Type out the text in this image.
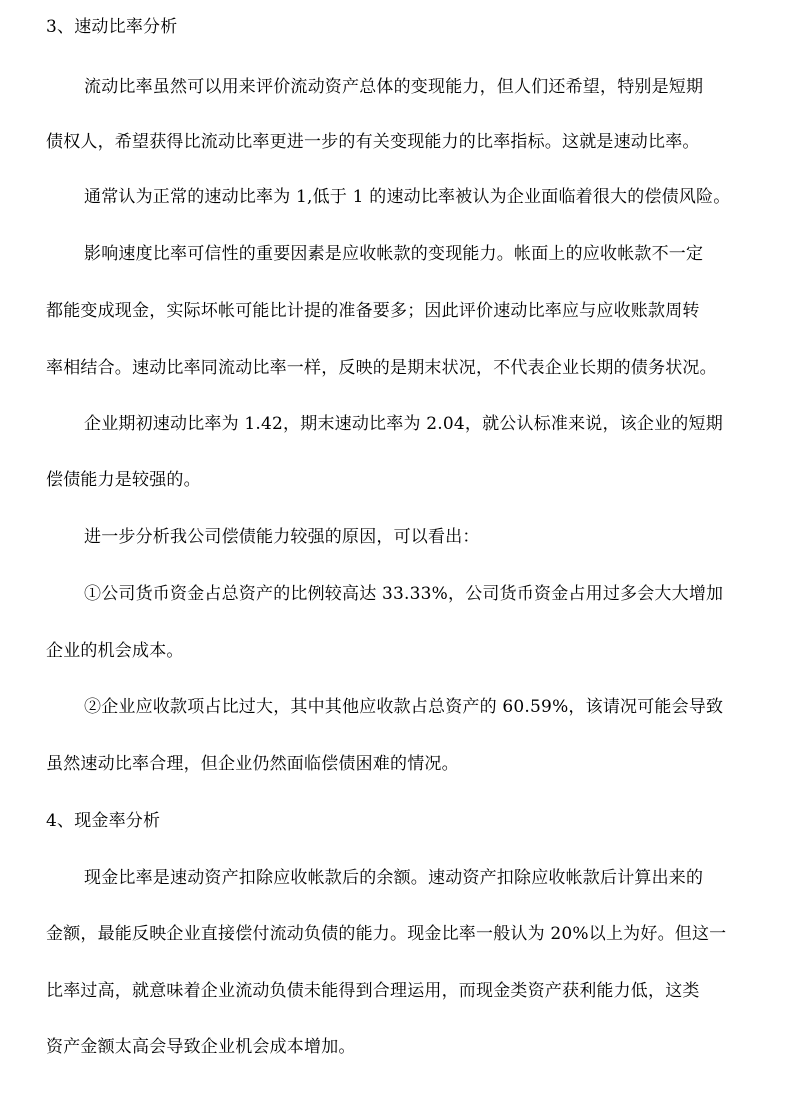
3、速动比率分析
流动比率虽然可以用来评价流动资产总体的变现能力，但人们还希望，特别是短期
债权人，希望获得比流动比率更进一步的有关变现能力的比率指标。这就是速动比率。
通常认为正常的速动比率为 1,低于 1 的速动比率被认为企业面临着很大的偿债风险。
影响速度比率可信性的重要因素是应收帐款的变现能力。帐面上的应收帐款不一定
都能变成现金，实际坏帐可能比计提的准备要多；因此评价速动比率应与应收账款周转
率相结合。速动比率同流动比率一样，反映的是期末状况，不代表企业长期的债务状况。
企业期初速动比率为 1.42，期末速动比率为 2.04，就公认标准来说，该企业的短期
偿债能力是较强的。
进一步分析我公司偿债能力较强的原因，可以看出：
①公司货币资金占总资产的比例较高达 33.33%，公司货币资金占用过多会大大增加
企业的机会成本。
②企业应收款项占比过大，其中其他应收款占总资产的 60.59%，该请况可能会导致
虽然速动比率合理，但企业仍然面临偿债困难的情况。
4、现金率分析
现金比率是速动资产扣除应收帐款后的余额。速动资产扣除应收帐款后计算出来的
金额，最能反映企业直接偿付流动负债的能力。现金比率一般认为 20%以上为好。但这一
比率过高，就意味着企业流动负债未能得到合理运用，而现金类资产获利能力低，这类
资产金额太高会导致企业机会成本增加。
